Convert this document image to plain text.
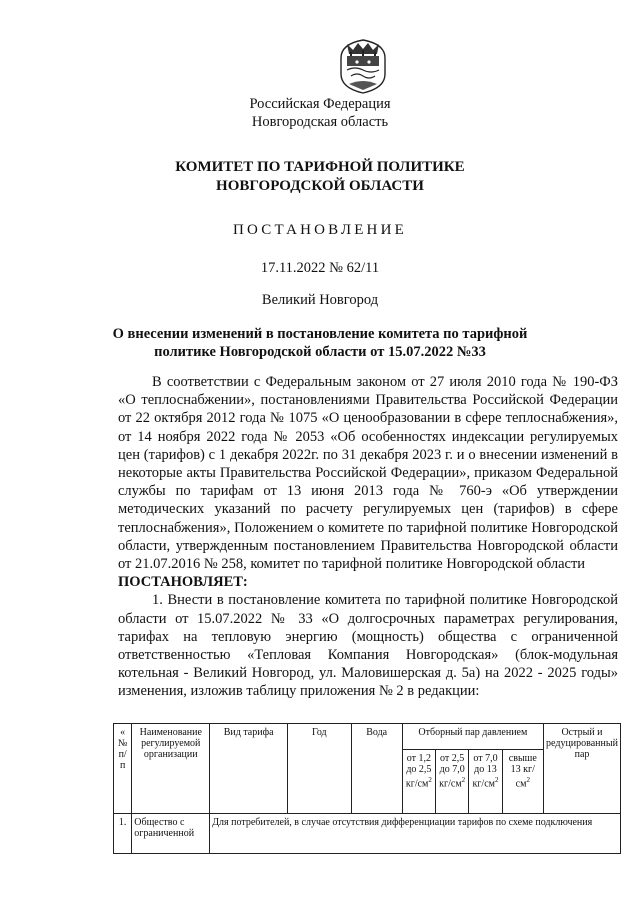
Российская Федерация
Новгородская область
КОМИТЕТ ПО ТАРИФНОЙ ПОЛИТИКЕ НОВГОРОДСКОЙ ОБЛАСТИ
ПОСТАНОВЛЕНИЕ
17.11.2022 № 62/11
Великий Новгород
О внесении изменений в постановление комитета по тарифной политике Новгородской области от 15.07.2022 №33

В соответствии с Федеральным законом от 27 июля 2010 года № 190-ФЗ «О теплоснабжении», постановлениями Правительства Российской Федерации от 22 октября 2012 года № 1075 «О ценообразовании в сфере теплоснабжения», от 14 ноября 2022 года № 2053 «Об особенностях индексации регулируемых цен (тарифов) с 1 декабря 2022г. по 31 декабря 2023 г. и о внесении изменений в некоторые акты Правительства Российской Федерации», приказом Федеральной службы по тарифам от 13 июня 2013 года № 760-э «Об утверждении методических указаний по расчету регулируемых цен (тарифов) в сфере теплоснабжения», Положением о комитете по тарифной политике Новгородской области, утвержденным постановлением Правительства Новгородской области от 21.07.2016 № 258, комитет по тарифной политике Новгородской области

ПОСТАНОВЛЯЕТ:

1. Внести в постановление комитета по тарифной политике Новгородской области от 15.07.2022 № 33 «О долгосрочных параметрах регулирования, тарифах на тепловую энергию (мощность) общества с ограниченной ответственностью «Тепловая Компания Новгородская» (блок-модульная котельная - Великий Новгород, ул. Маловишерская д. 5а) на 2022 - 2025 годы» изменения, изложив таблицу приложения № 2 в редакции:

« № п/ п	Наименование регулируемой организации	Вид тарифа	Год	Вода	Отборный пар давлением				Острый и редуцированный пар
					от 1,2 до 2,5 $кг/см^2$	от 2,5 до 7,0 $кг/см^2$	от 7,0 до 13 $кг/см^2$	свыше 13 $кг/см^2$
1.	Общество с ограниченной	Для потребителей, в случае отсутствия дифференциации тарифов по схеме подключения							
